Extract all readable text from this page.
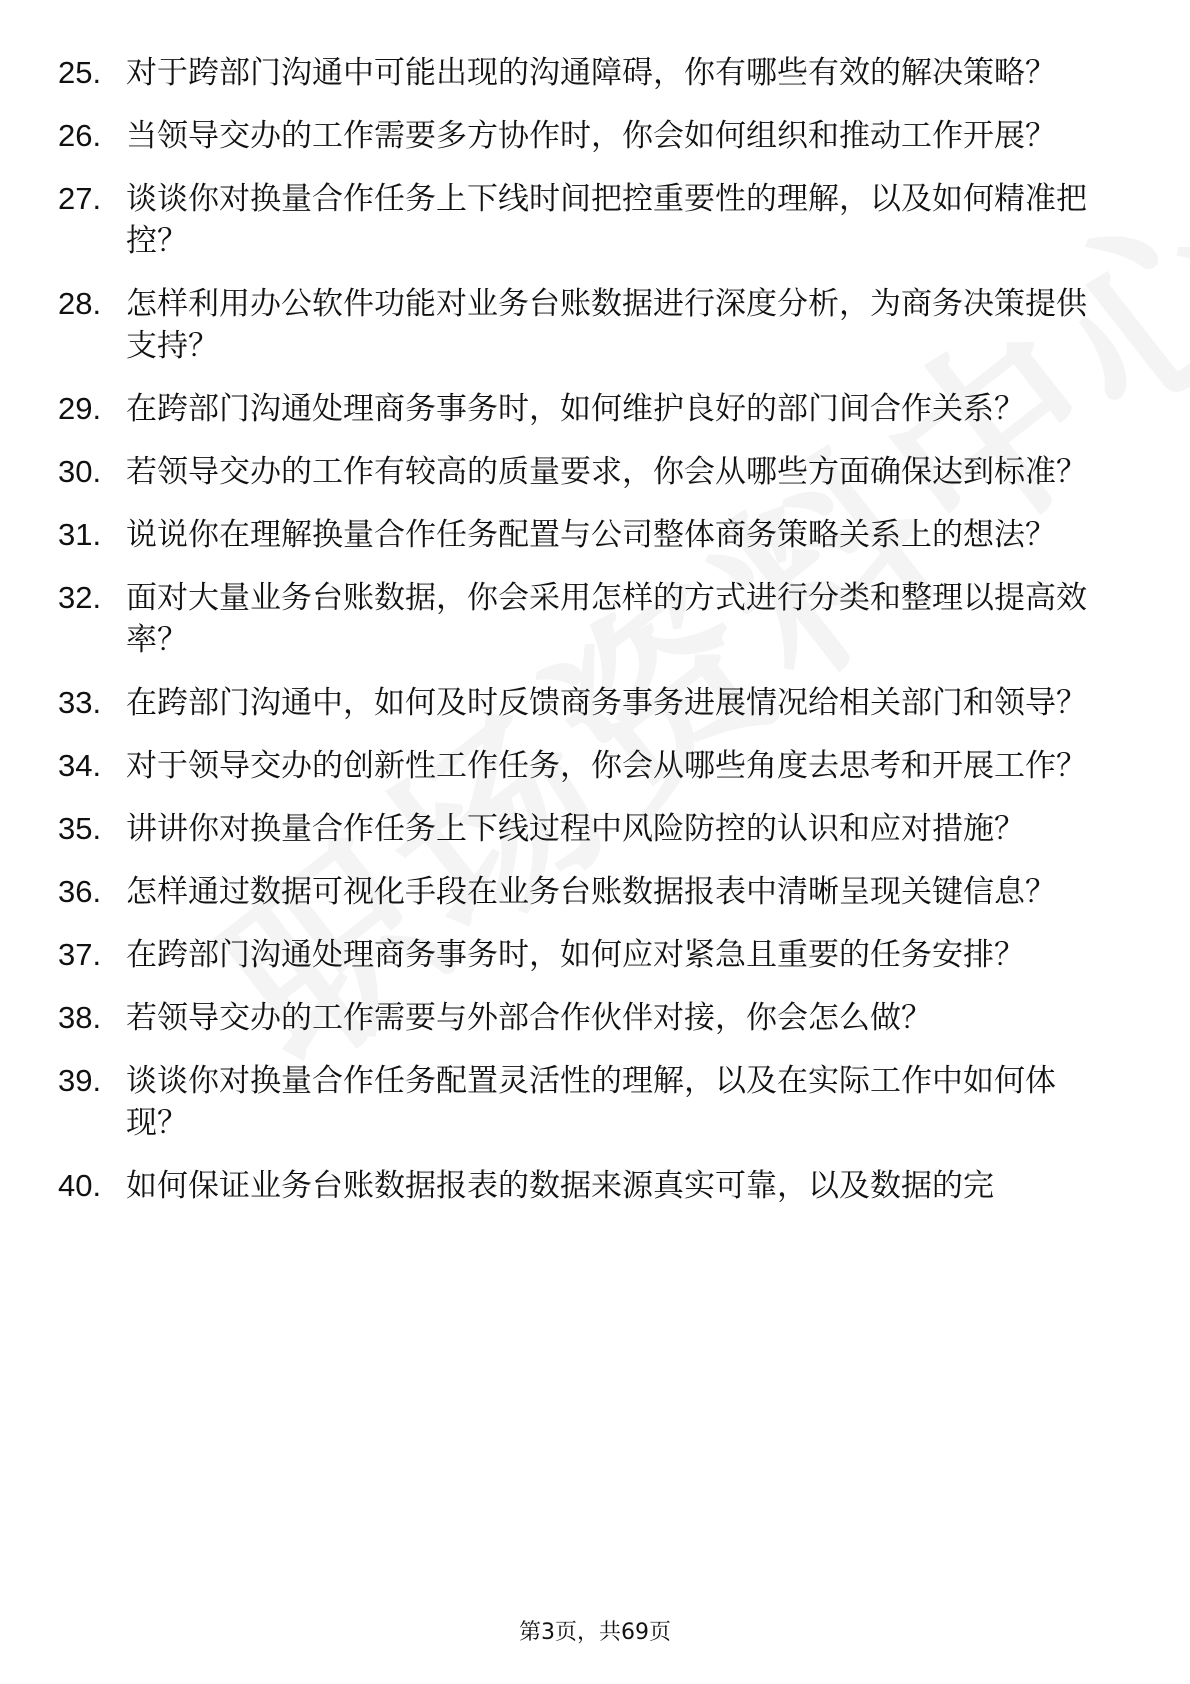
25. 对于跨部门沟通中可能出现的沟通障碍，你有哪些有效的解决策略？
26. 当领导交办的工作需要多方协作时，你会如何组织和推动工作开展？
27. 谈谈你对换量合作任务上下线时间把控重要性的理解，以及如何精准把控？
28. 怎样利用办公软件功能对业务台账数据进行深度分析，为商务决策提供支持？
29. 在跨部门沟通处理商务事务时，如何维护良好的部门间合作关系？
30. 若领导交办的工作有较高的质量要求，你会从哪些方面确保达到标准？
31. 说说你在理解换量合作任务配置与公司整体商务策略关系上的想法？
32. 面对大量业务台账数据，你会采用怎样的方式进行分类和整理以提高效率？
33. 在跨部门沟通中，如何及时反馈商务事务进展情况给相关部门和领导？
34. 对于领导交办的创新性工作任务，你会从哪些角度去思考和开展工作？
35. 讲讲你对换量合作任务上下线过程中风险防控的认识和应对措施？
36. 怎样通过数据可视化手段在业务台账数据报表中清晰呈现关键信息？
37. 在跨部门沟通处理商务事务时，如何应对紧急且重要的任务安排？
38. 若领导交办的工作需要与外部合作伙伴对接，你会怎么做？
39. 谈谈你对换量合作任务配置灵活性的理解，以及在实际工作中如何体现？
40. 如何保证业务台账数据报表的数据来源真实可靠，以及数据的完
第3页，共69页
